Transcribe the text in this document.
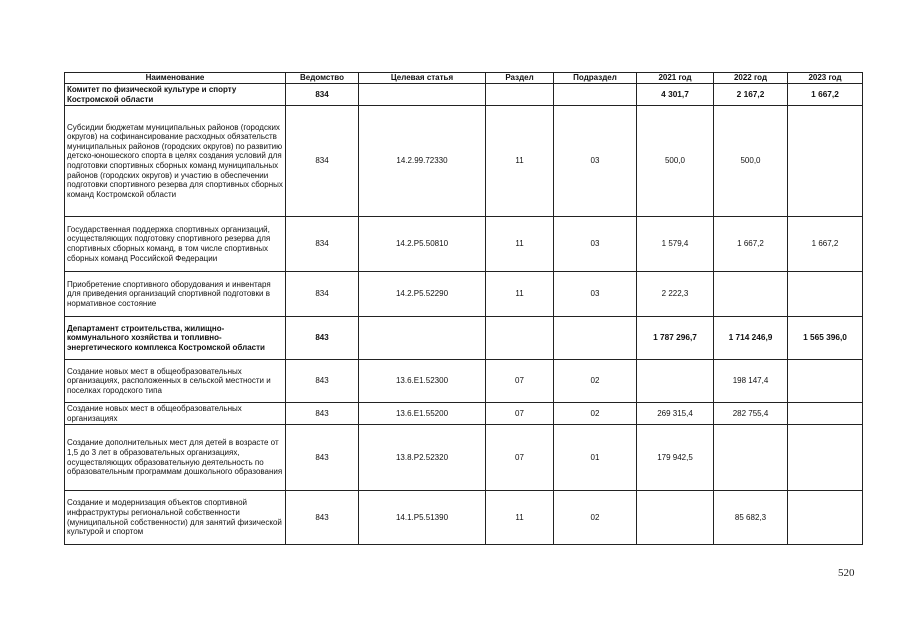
Наименование	Ведомство	Целевая статья	Раздел	Подраздел	2021 год	2022 год	2023 год
Комитет по физической культуре и спорту Костромской области	834				4 301,7	2 167,2	1 667,2
Субсидии бюджетам муниципальных районов (городских округов) на софинансирование расходных обязательств муниципальных районов (городских округов) по развитию детско-юношеского спорта в целях создания условий для подготовки спортивных сборных команд муниципальных районов (городских округов) и участию в обеспечении подготовки спортивного резерва для спортивных сборных команд Костромской области	834	14.2.99.72330	11	03	500,0	500,0	
Государственная поддержка спортивных организаций, осуществляющих подготовку спортивного резерва для спортивных сборных команд, в том числе спортивных сборных команд Российской Федерации	834	14.2.P5.50810	11	03	1 579,4	1 667,2	1 667,2
Приобретение спортивного оборудования и инвентаря для приведения организаций спортивной подготовки в нормативное состояние	834	14.2.P5.52290	11	03	2 222,3		
Департамент строительства, жилищно-коммунального хозяйства и топливно-энергетического комплекса Костромской области	843				1 787 296,7	1 714 246,9	1 565 396,0
Создание новых мест в общеобразовательных организациях, расположенных в сельской местности и поселках городского типа	843	13.6.E1.52300	07	02		198 147,4	
Создание новых мест в общеобразовательных организациях	843	13.6.E1.55200	07	02	269 315,4	282 755,4	
Создание дополнительных мест для детей в возрасте от 1,5 до 3 лет в образовательных организациях, осуществляющих образовательную деятельность по образовательным программам дошкольного образования	843	13.8.P2.52320	07	01	179 942,5		
Создание и модернизация объектов спортивной инфраструктуры региональной собственности (муниципальной собственности) для занятий физической культурой и спортом	843	14.1.P5.51390	11	02		85 682,3	
520
